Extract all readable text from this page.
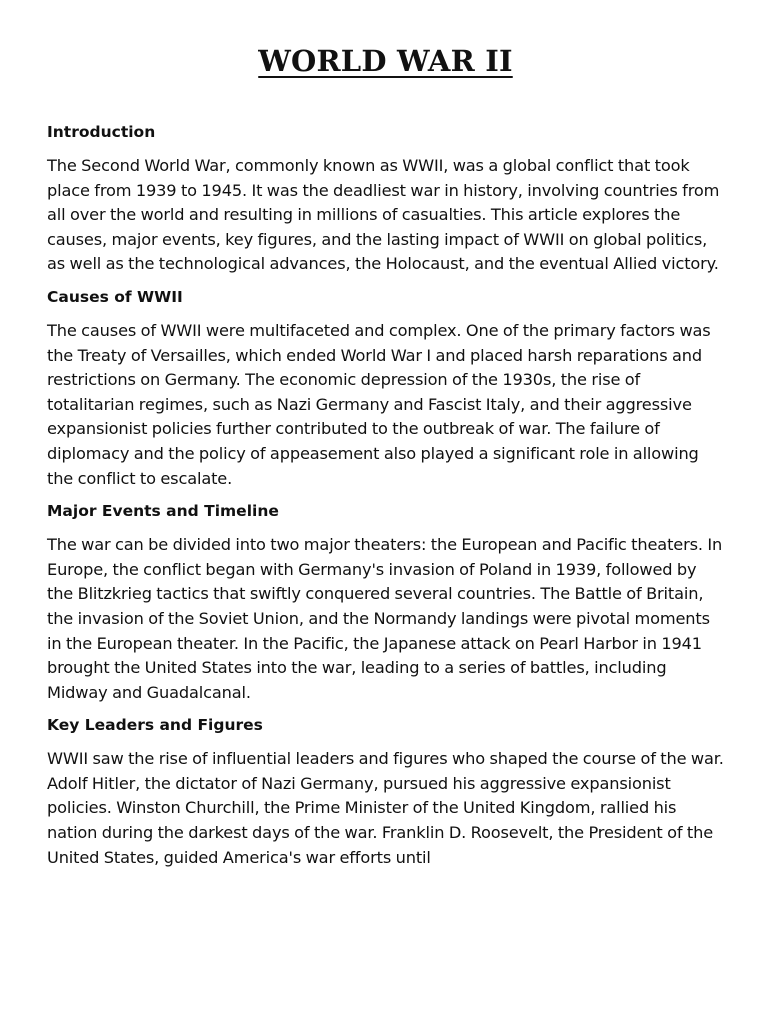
WORLD WAR II
Introduction

The Second World War, commonly known as WWII, was a global conflict that took place from 1939 to 1945. It was the deadliest war in history, involving countries from all over the world and resulting in millions of casualties. This article explores the causes, major events, key figures, and the lasting impact of WWII on global politics, as well as the technological advances, the Holocaust, and the eventual Allied victory.

Causes of WWII

The causes of WWII were multifaceted and complex. One of the primary factors was the Treaty of Versailles, which ended World War I and placed harsh reparations and restrictions on Germany. The economic depression of the 1930s, the rise of totalitarian regimes, such as Nazi Germany and Fascist Italy, and their aggressive expansionist policies further contributed to the outbreak of war. The failure of diplomacy and the policy of appeasement also played a significant role in allowing the conflict to escalate.

Major Events and Timeline

The war can be divided into two major theaters: the European and Pacific theaters. In Europe, the conflict began with Germany's invasion of Poland in 1939, followed by the Blitzkrieg tactics that swiftly conquered several countries. The Battle of Britain, the invasion of the Soviet Union, and the Normandy landings were pivotal moments in the European theater. In the Pacific, the Japanese attack on Pearl Harbor in 1941 brought the United States into the war, leading to a series of battles, including Midway and Guadalcanal.

Key Leaders and Figures

WWII saw the rise of influential leaders and figures who shaped the course of the war. Adolf Hitler, the dictator of Nazi Germany, pursued his aggressive expansionist policies. Winston Churchill, the Prime Minister of the United Kingdom, rallied his nation during the darkest days of the war. Franklin D. Roosevelt, the President of the United States, guided America's war efforts until
